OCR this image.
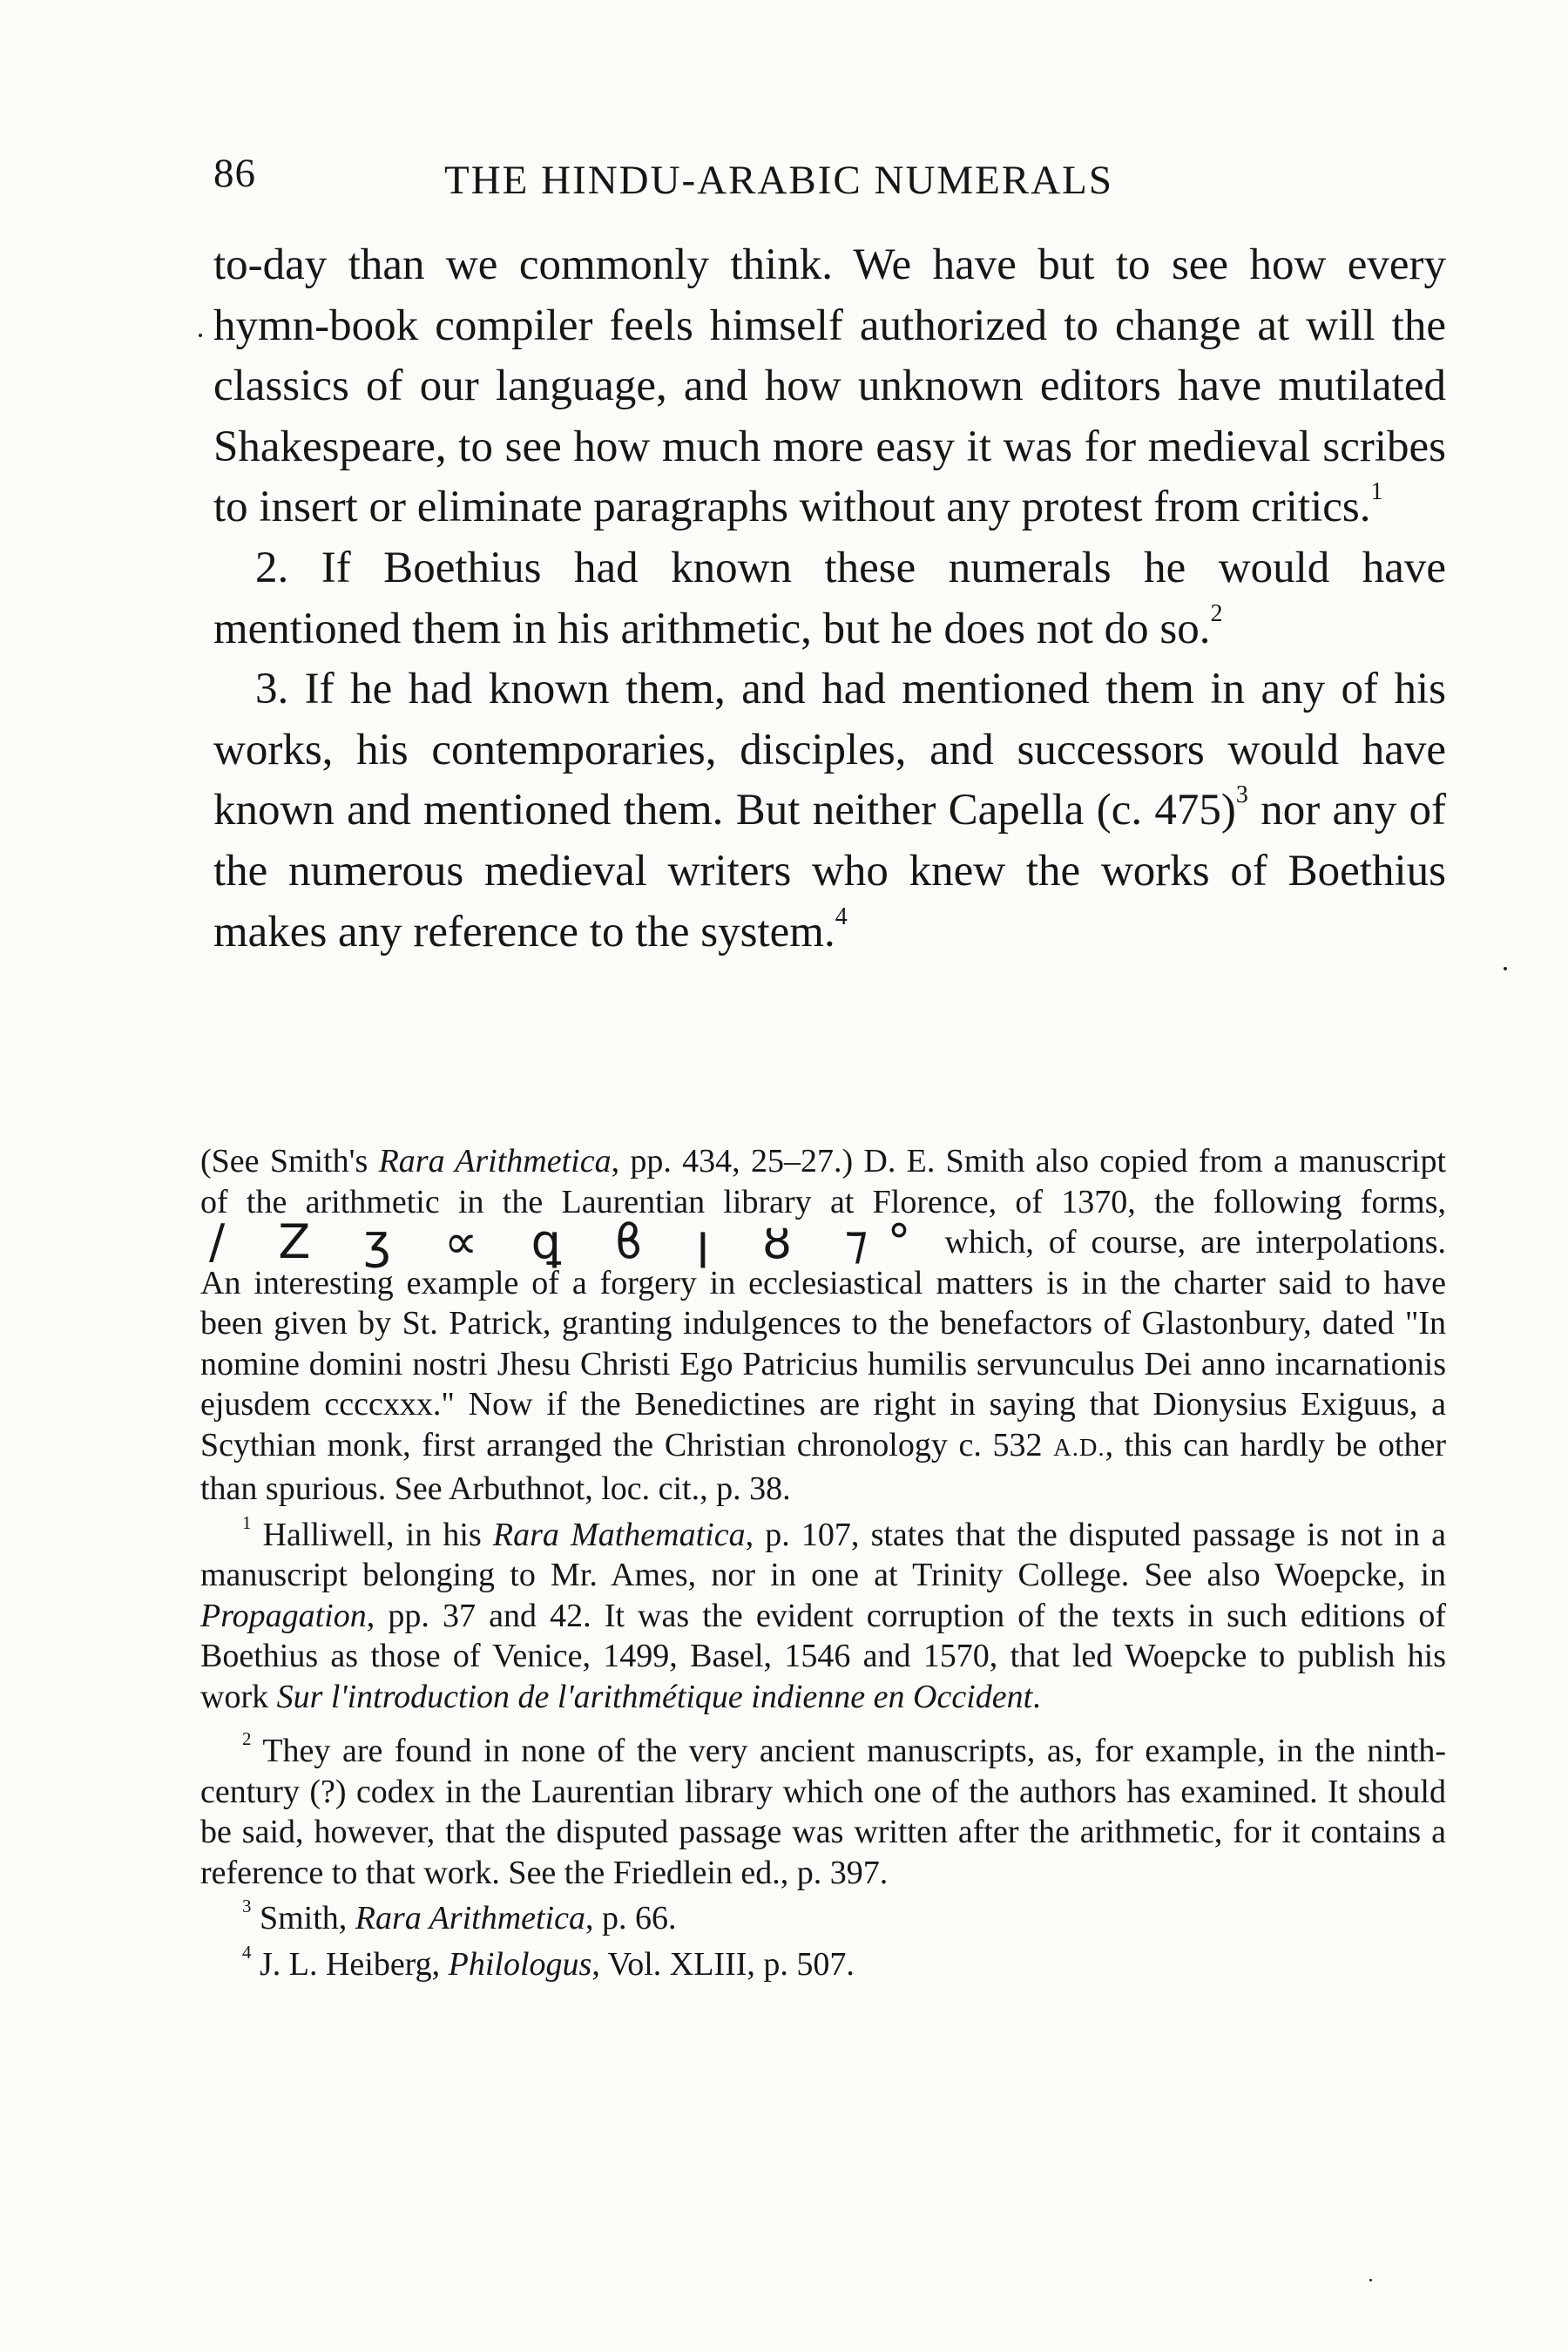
86	THE HINDU-ARABIC NUMERALS

to-day than we commonly think. We have but to see how every hymn-book compiler feels himself authorized to change at will the classics of our language, and how unknown editors have mutilated Shakespeare, to see how much more easy it was for medieval scribes to insert or eliminate paragraphs without any protest from critics.$^1$

2. If Boethius had known these numerals he would have mentioned them in his arithmetic, but he does not do so.$^2$

3. If he had known them, and had mentioned them in any of his works, his contemporaries, disciples, and successors would have known and mentioned them. But neither Capella (c. 475)$^3$ nor any of the numerous medieval writers who knew the works of Boethius makes any reference to the system.$^4$

(See Smith's Rara Arithmetica, pp. 434, 25–27.) D. E. Smith also copied from a manuscript of the arithmetic in the Laurentian library at Florence, of 1370, the following forms,/ Z ʒ ∝ ꝗ ϐ ꞁ ȣ ⁊° which, of course, are interpolations. An interesting example of a forgery in ecclesiastical matters is in the charter said to have been given by St. Patrick, granting indulgences to the benefactors of Glastonbury, dated "In nomine domini nostri Jhesu Christi Ego Patricius humilis servunculus Dei anno incarnationis ejusdem ccccxxx." Now if the Benedictines are right in saying that Dionysius Exiguus, a Scythian monk, first arranged the Christian chronology c. 532 A.D., this can hardly be other than spurious. See Arbuthnot, loc. cit., p. 38.

$^1$ Halliwell, in his Rara Mathematica, p. 107, states that the disputed passage is not in a manuscript belonging to Mr. Ames, nor in one at Trinity College. See also Woepcke, in Propagation, pp. 37 and 42. It was the evident corruption of the texts in such editions of Boethius as those of Venice, 1499, Basel, 1546 and 1570, that led Woepcke to publish his work Sur l'introduction de l'arithmétique indienne en Occident.

$^2$ They are found in none of the very ancient manuscripts, as, for example, in the ninth-century (?) codex in the Laurentian library which one of the authors has examined. It should be said, however, that the disputed passage was written after the arithmetic, for it contains a reference to that work. See the Friedlein ed., p. 397.

$^3$ Smith, Rara Arithmetica, p. 66.

$^4$ J. L. Heiberg, Philologus, Vol. XLIII, p. 507.
